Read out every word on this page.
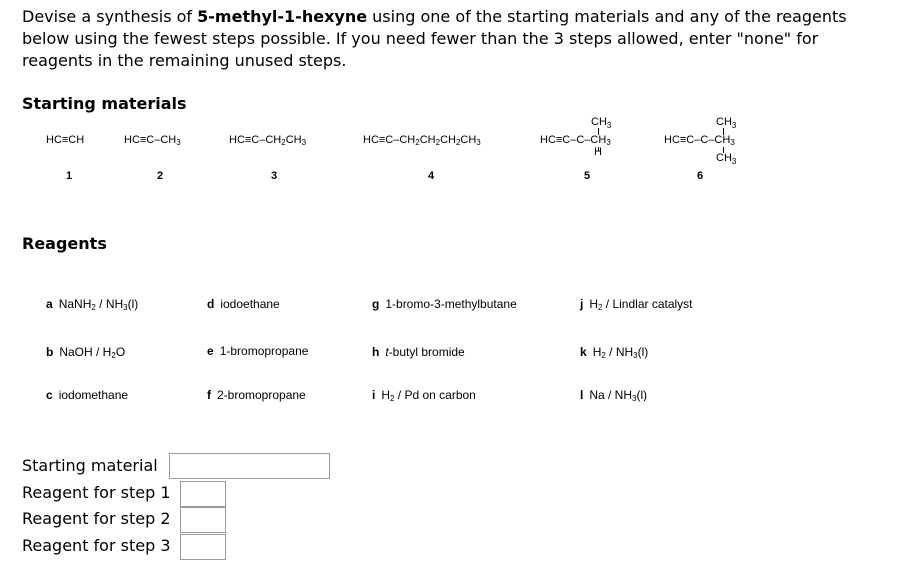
Devise a synthesis of 5-methyl-1-hexyne using one of the starting materials and any of the reagents below using the fewest steps possible. If you need fewer than the 3 steps allowed, enter "none" for reagents in the remaining unused steps.
Starting materials
HC≡CH
1
$HC\equiv C-CH_3$
2
$HC\equiv C-CH_2CH_3$
3
$HC\equiv C-CH_2CH_2CH_2CH_3$
4
$CH_3$
$HC\equiv C-C-CH_3$
H
5
$CH_3$
$HC\equiv C-C-CH_3$
$CH_3$
6
Reagents
a NaNH$_2$ / $NH_3(l)$
b NaOH / $H_2O$
c iodomethane
d iodoethane
e 1-bromopropane
f 2-bromopropane
g 1-bromo-3-methylbutane
h t-butyl bromide
i $H_2$ / Pd on carbon
j $H_2$ / Lindlar catalyst
k $H_2 / NH_3(l)$
l Na / $NH_3(l)$
Starting material
Reagent for step 1
Reagent for step 2
Reagent for step 3
